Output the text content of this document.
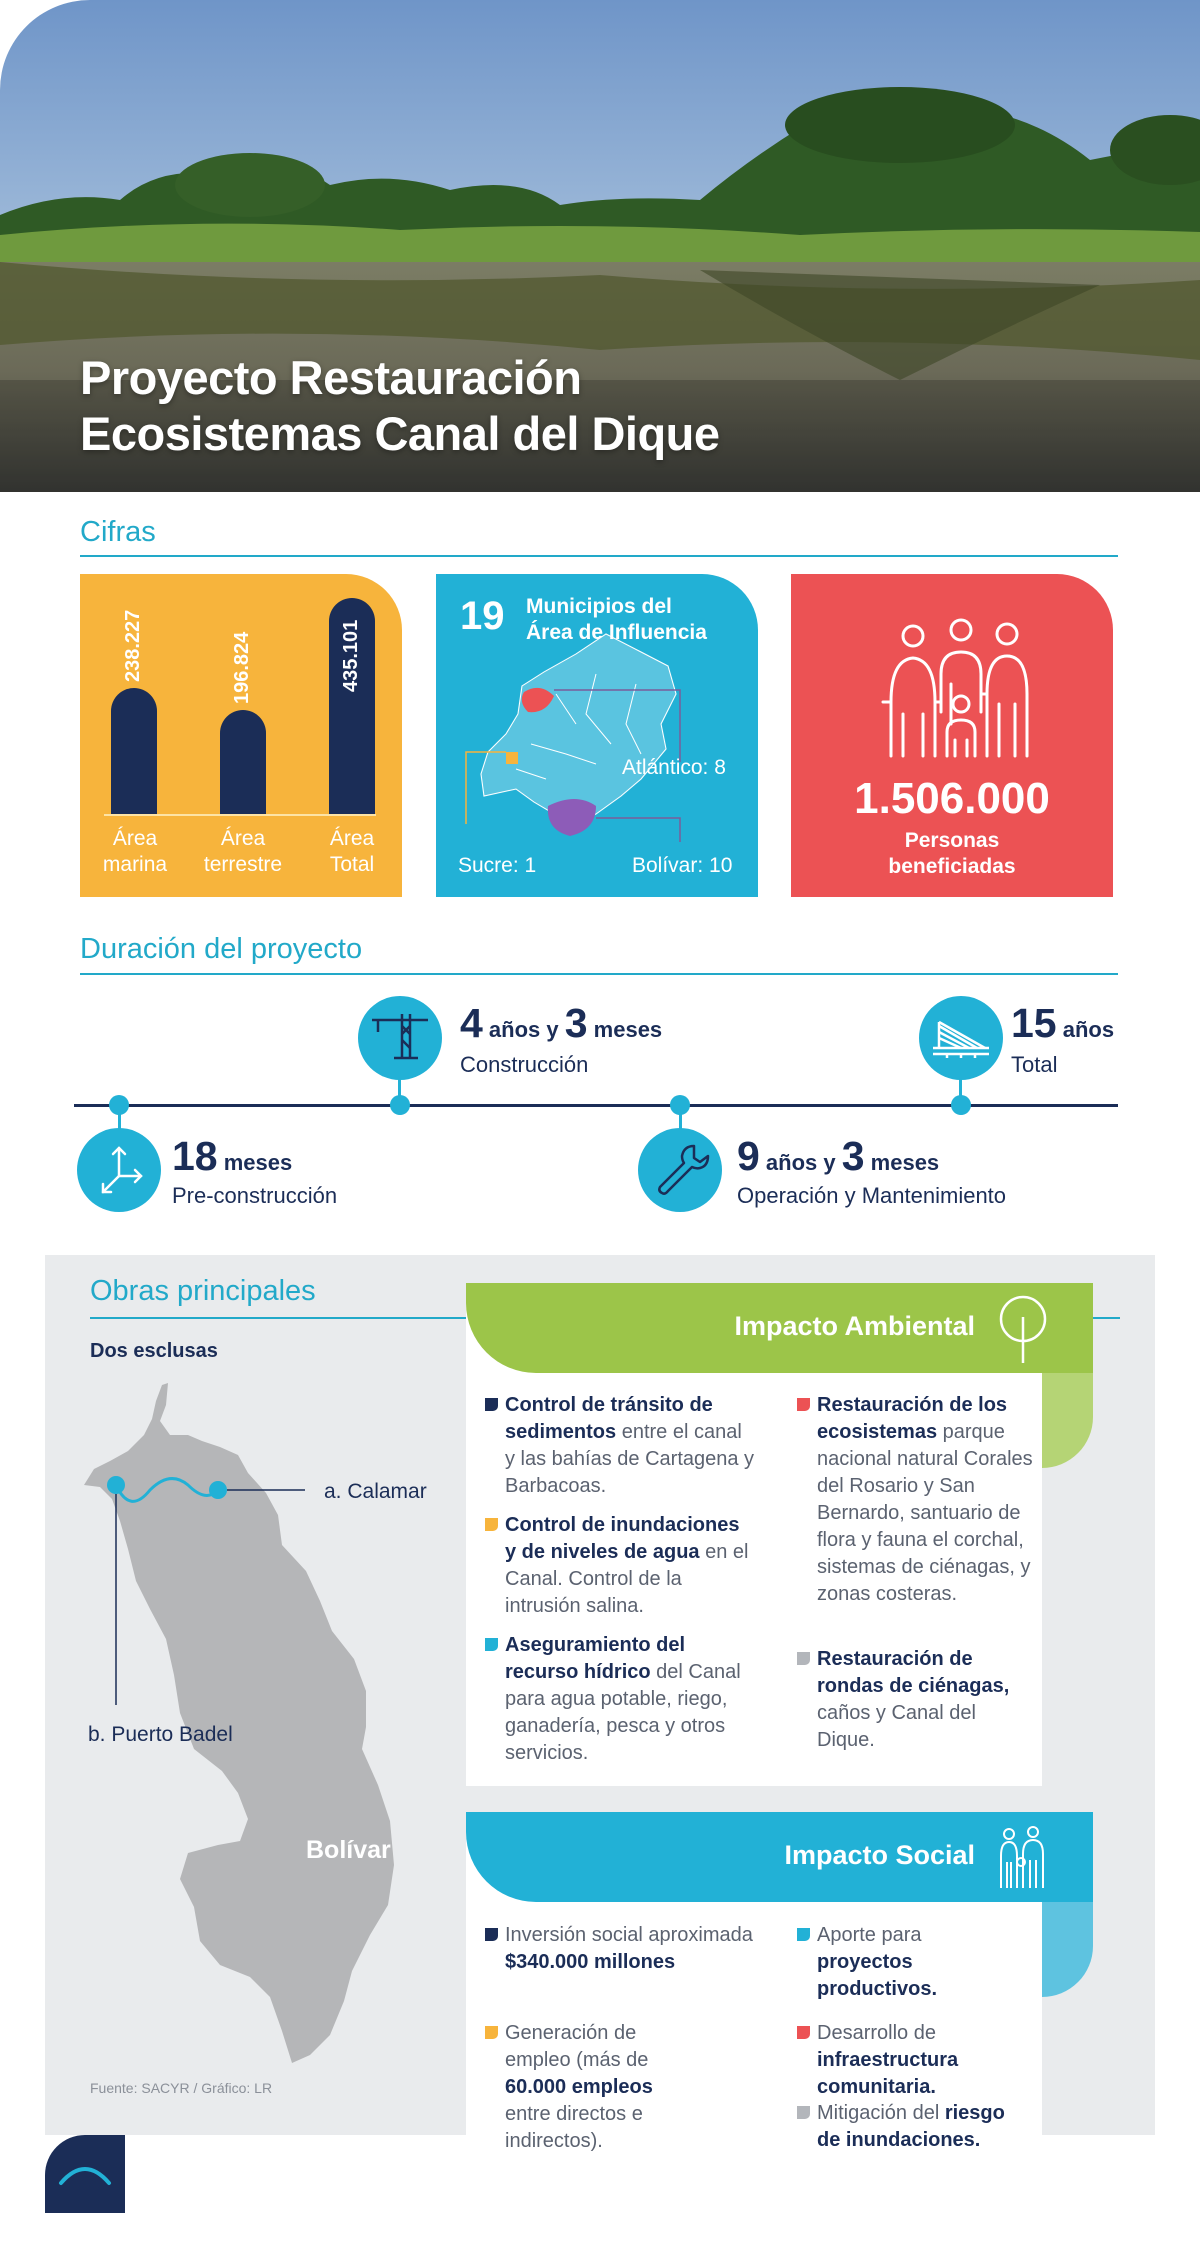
Proyecto Restauración
Ecosistemas Canal del Dique
Cifras
238.227	196.824	435.101
Área
marina
Área
terrestre
Área
Total
19 Municipios del
Área de Influencia
Atlántico: 8
Sucre: 1	Bolívar: 10
1.506.000
Personas
beneficiadas
Duración del proyecto
18 meses
Pre-construcción
4 años y 3 meses
Construcción
9 años y 3 meses
Operación y Mantenimiento
15 años
Total
Obras principales
Dos esclusas
a. Calamar
b. Puerto Badel
Bolívar
Fuente: SACYR / Gráfico: LR
Impacto Ambiental
Control de tránsito de sedimentos entre el canal y las bahías de Cartagena y Barbacoas.
Control de inundaciones y de niveles de agua en el Canal. Control de la intrusión salina.
Aseguramiento del recurso hídrico del Canal para agua potable, riego, ganadería, pesca y otros servicios.
Restauración de los ecosistemas parque nacional natural Corales del Rosario y San Bernardo, santuario de flora y fauna el corchal, sistemas de ciénagas, y zonas costeras.
Restauración de rondas de ciénagas, caños y Canal del Dique.
Impacto Social
Inversión social aproximada $340.000 millones
Generación de empleo (más de 60.000 empleos entre directos e indirectos).
Aporte para proyectos productivos.
Desarrollo de infraestructura comunitaria.
Mitigación del riesgo de inundaciones.
